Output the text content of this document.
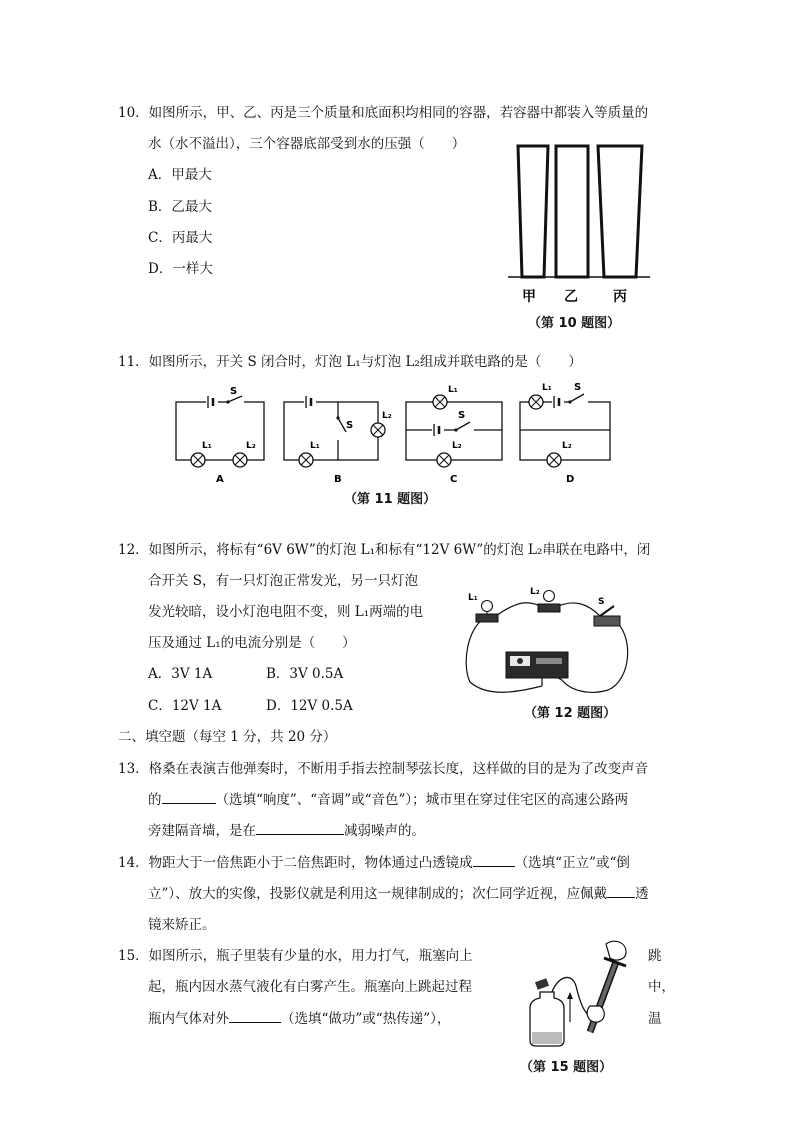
10．如图所示，甲、乙、丙是三个质量和底面积均相同的容器，若容器中都装入等质量的
水（水不溢出），三个容器底部受到水的压强（　　）
A．甲最大
B．乙最大
C．丙最大
D．一样大
甲 乙	丙
（第 10 题图）
11．如图所示，开关 S 闭合时，灯泡 L₁与灯泡 L₂组成并联电路的是（　　）
S
L₁	L₂
A
S
L₁
L₂
B
L₁
S
L₂
C
L₁ S
L₂
D
（第 11 题图）
12．如图所示，将标有“6V 6W”的灯泡 L₁和标有“12V 6W”的灯泡 L₂串联在电路中，闭
合开关 S，有一只灯泡正常发光，另一只灯泡
发光较暗，设小灯泡电阻不变，则 L₁两端的电
压及通过 L₁的电流分别是（　　）
A．3V 1A	B．3V 0.5A
C．12V 1A	D．12V 0.5A
L₁
L₂
S
（第 12 题图）
二、填空题（每空 1 分，共 20 分）
13．格桑在表演吉他弹奏时，不断用手指去控制琴弦长度，这样做的目的是为了改变声音
的	（选填“响度”、“音调”或“音色”）；城市里在穿过住宅区的高速公路两
旁建隔音墙，是在	减弱噪声的。
14．物距大于一倍焦距小于二倍焦距时，物体通过凸透镜成	（选填“正立”或“倒
立”）、放大的实像，投影仪就是利用这一规律制成的；次仁同学近视，应佩戴 透
镜来矫正。
15．如图所示，瓶子里装有少量的水，用力打气，瓶塞向上	跳
起，瓶内因水蒸气液化有白雾产生。瓶塞向上跳起过程	中，
瓶内气体对外	（选填“做功”或“热传递”），	温
（第 15 题图）
